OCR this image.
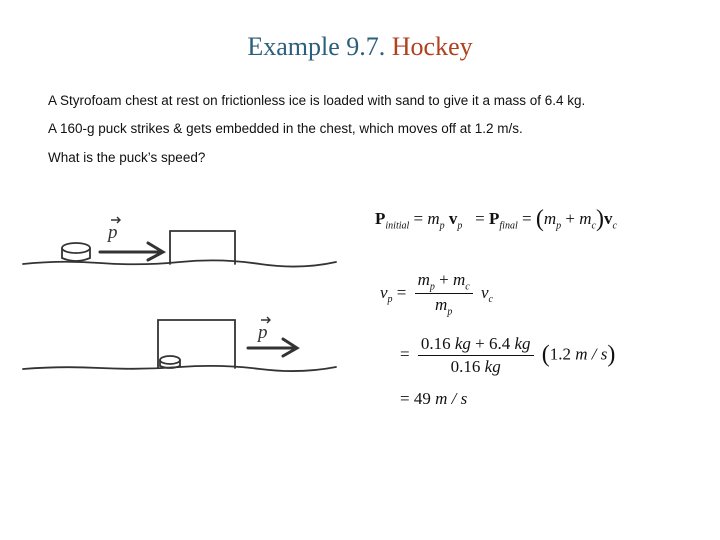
Example 9.7. Hockey
A Styrofoam chest at rest on frictionless ice is loaded with sand to give it a mass of 6.4 kg.
A 160-g puck strikes & gets embedded in the chest, which moves off at 1.2 m/s.
What is the puck’s speed?
p
p
$P_{initial} = m_p$ $v_p = P_{final} = (m_p + m_c)v_c$
$v_p = \frac{m_p + m_c}{m_p} v_c$
= $\frac{0.16 kg + 6.4 kg}{0.16 kg} (1.2$ m / s)
= 49 m / s
